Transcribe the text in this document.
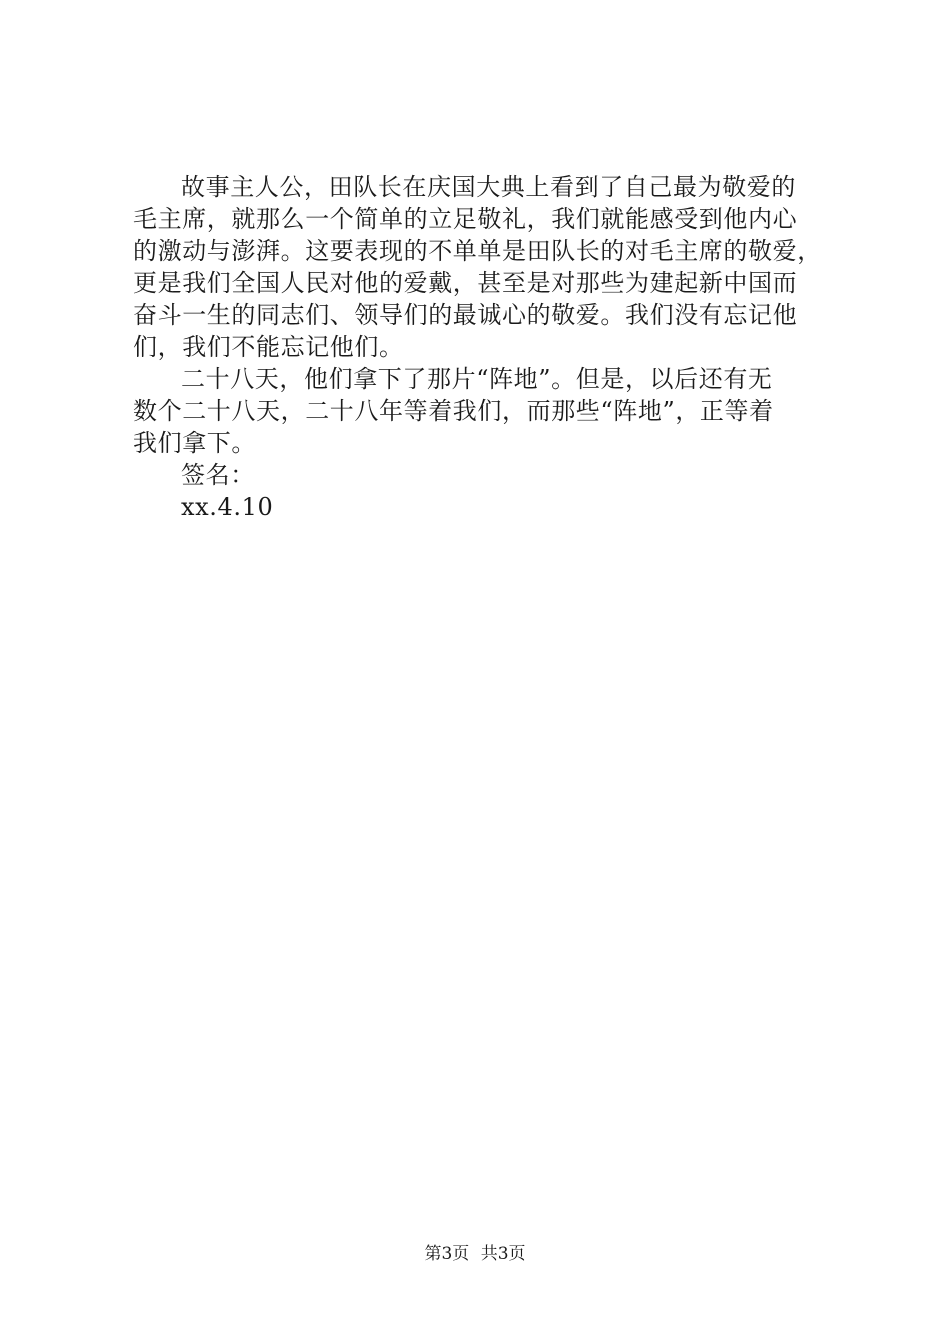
故事主人公，田队长在庆国大典上看到了自己最为敬爱的
毛主席，就那么一个简单的立足敬礼，我们就能感受到他内心
的激动与澎湃。这要表现的不单单是田队长的对毛主席的敬爱，
更是我们全国人民对他的爱戴，甚至是对那些为建起新中国而
奋斗一生的同志们、领导们的最诚心的敬爱。我们没有忘记他
们，我们不能忘记他们。
二十八天，他们拿下了那片“阵地”。但是，以后还有无
数个二十八天，二十八年等着我们，而那些“阵地”，正等着
我们拿下。
签名：
xx.4.10
第3页 共3页
